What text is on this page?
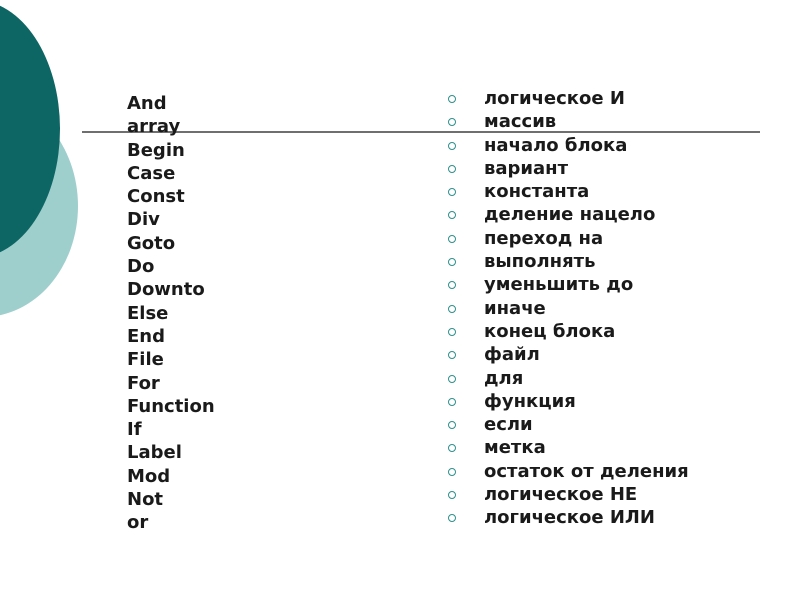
And
array
Begin
Case
Const
Div
Goto
Do
Downto
Else
End
File
For
Function
If
Label
Mod
Not
or
логическое И
массив
начало блока
вариант
константа
деление нацело
переход на
выполнять
уменьшить до
иначе
конец блока
файл
для
функция
если
метка
остаток от деления
логическое НЕ
логическое ИЛИ
